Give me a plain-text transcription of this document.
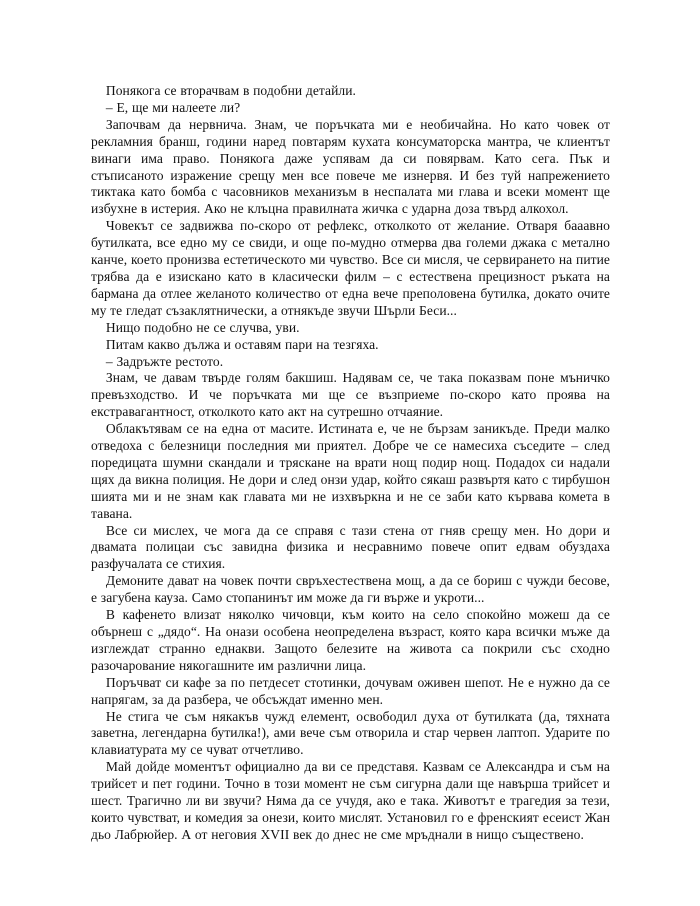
Понякога се вторачвам в подобни детайли.

– Е, ще ми налеете ли?

Започвам да нервнича. Знам, че поръчката ми е необичайна. Но като човек от рекламния бранш, години наред повтарям кухата консуматорска мантра, че клиентът винаги има право. Понякога даже успявам да си повярвам. Като сега. Пък и стъписаното изражение срещу мен все повече ме изнервя. И без туй напрежението тиктака като бомба с часовников механизъм в неспалата ми глава и всеки момент ще избухне в истерия. Ако не клъцна правилната жичка с ударна доза твърд алкохол.

Човекът се задвижва по-скоро от рефлекс, отколкото от желание. Отваря бааавно бутилката, все едно му се свиди, и още по-мудно отмерва два големи джака с метално канче, което пронизва естетическото ми чувство. Все си мисля, че сервирането на питие трябва да е изискано като в класически филм – с естествена прецизност ръката на бармана да отлее желаното количество от една вече преполовена бутилка, докато очите му те гледат съзаклятнически, а отнякъде звучи Шърли Беси...

Нищо подобно не се случва, уви.

Питам какво дължа и оставям пари на тезгяха.

– Задръжте рестото.

Знам, че давам твърде голям бакшиш. Надявам се, че така показвам поне мъничко превъзходство. И че поръчката ми ще се възприеме по-скоро като проява на екстравагантност, отколкото като акт на сутрешно отчаяние.

Облакътявам се на една от масите. Истината е, че не бързам заникъде. Преди малко отведоха с белезници последния ми приятел. Добре че се намесиха съседите – след поредицата шумни скандали и тряскане на врати нощ подир нощ. Подадох си надали щях да викна полиция. Не дори и след онзи удар, който сякаш развъртя като с тирбушон шията ми и не знам как главата ми не изхвъркна и не се заби като кървава комета в тавана.

Все си мислех, че мога да се справя с тази стена от гняв срещу мен. Но дори и двамата полицаи със завидна физика и несравнимо повече опит едвам обуздаха разфучалата се стихия.

Демоните дават на човек почти свръхестествена мощ, а да се бориш с чужди бесове, е загубена кауза. Само стопанинът им може да ги върже и укроти...

В кафенето влизат няколко чичовци, към които на село спокойно можеш да се обърнеш с „дядо“. На онази особена неопределена възраст, която кара всички мъже да изглеждат странно еднакви. Защото белезите на живота са покрили със сходно разочарование някогашните им различни лица.

Поръчват си кафе за по петдесет стотинки, дочувам оживен шепот. Не е нужно да се напрягам, за да разбера, че обсъждат именно мен.

Не стига че съм някакъв чужд елемент, освободил духа от бутилката (да, тяхната заветна, легендарна бутилка!), ами вече съм отворила и стар червен лаптоп. Ударите по клавиатурата му се чуват отчетливо.

Май дойде моментът официално да ви се представя. Казвам се Александра и съм на трийсет и пет години. Точно в този момент не съм сигурна дали ще навърша трийсет и шест. Трагично ли ви звучи? Няма да се учудя, ако е така. Животът е трагедия за тези, които чувстват, и комедия за онези, които мислят. Установил го е френският есеист Жан дьо Лабрюйер. А от неговия XVII век до днес не сме мръднали в нищо съществено.
